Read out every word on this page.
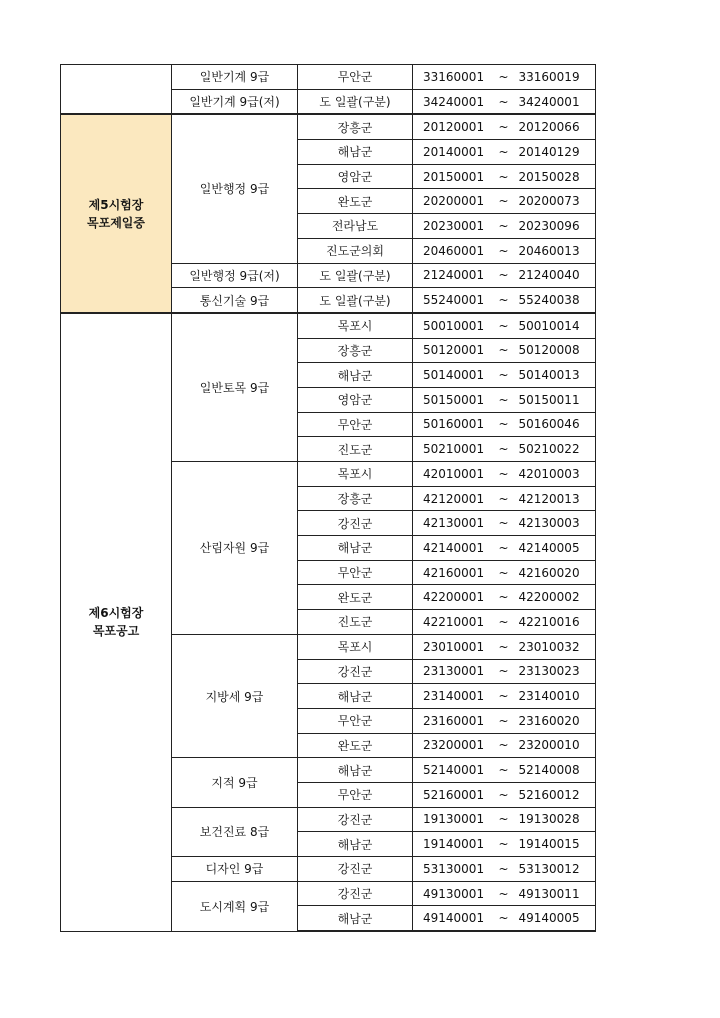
	일반기계 9급	무안군	33160001	~	33160019
	일반기계 9급(저)	도 일괄(구분)	34240001	~	34240001

제5시험장
목포제일중	일반행정 9급	장흥군	20120001	~	20120066
		해남군	20140001	~	20140129
		영암군	20150001	~	20150028
		완도군	20200001	~	20200073
		전라남도	20230001	~	20230096
		진도군의회	20460001	~	20460013
	일반행정 9급(저)	도 일괄(구분)	21240001	~	21240040
	통신기술 9급	도 일괄(구분)	55240001	~	55240038

제6시험장
목포공고	일반토목 9급	목포시	50010001	~	50010014
		장흥군	50120001	~	50120008
		해남군	50140001	~	50140013
		영암군	50150001	~	50150011
		무안군	50160001	~	50160046
		진도군	50210001	~	50210022
	산림자원 9급	목포시	42010001	~	42010003
		장흥군	42120001	~	42120013
		강진군	42130001	~	42130003
		해남군	42140001	~	42140005
		무안군	42160001	~	42160020
		완도군	42200001	~	42200002
		진도군	42210001	~	42210016
	지방세 9급	목포시	23010001	~	23010032
		강진군	23130001	~	23130023
		해남군	23140001	~	23140010
		무안군	23160001	~	23160020
		완도군	23200001	~	23200010
	지적 9급	해남군	52140001	~	52140008
		무안군	52160001	~	52160012
	보건진료 8급	강진군	19130001	~	19130028
		해남군	19140001	~	19140015
	디자인 9급	강진군	53130001	~	53130012
	도시계획 9급	강진군	49130001	~	49130011
		해남군	49140001	~	49140005
